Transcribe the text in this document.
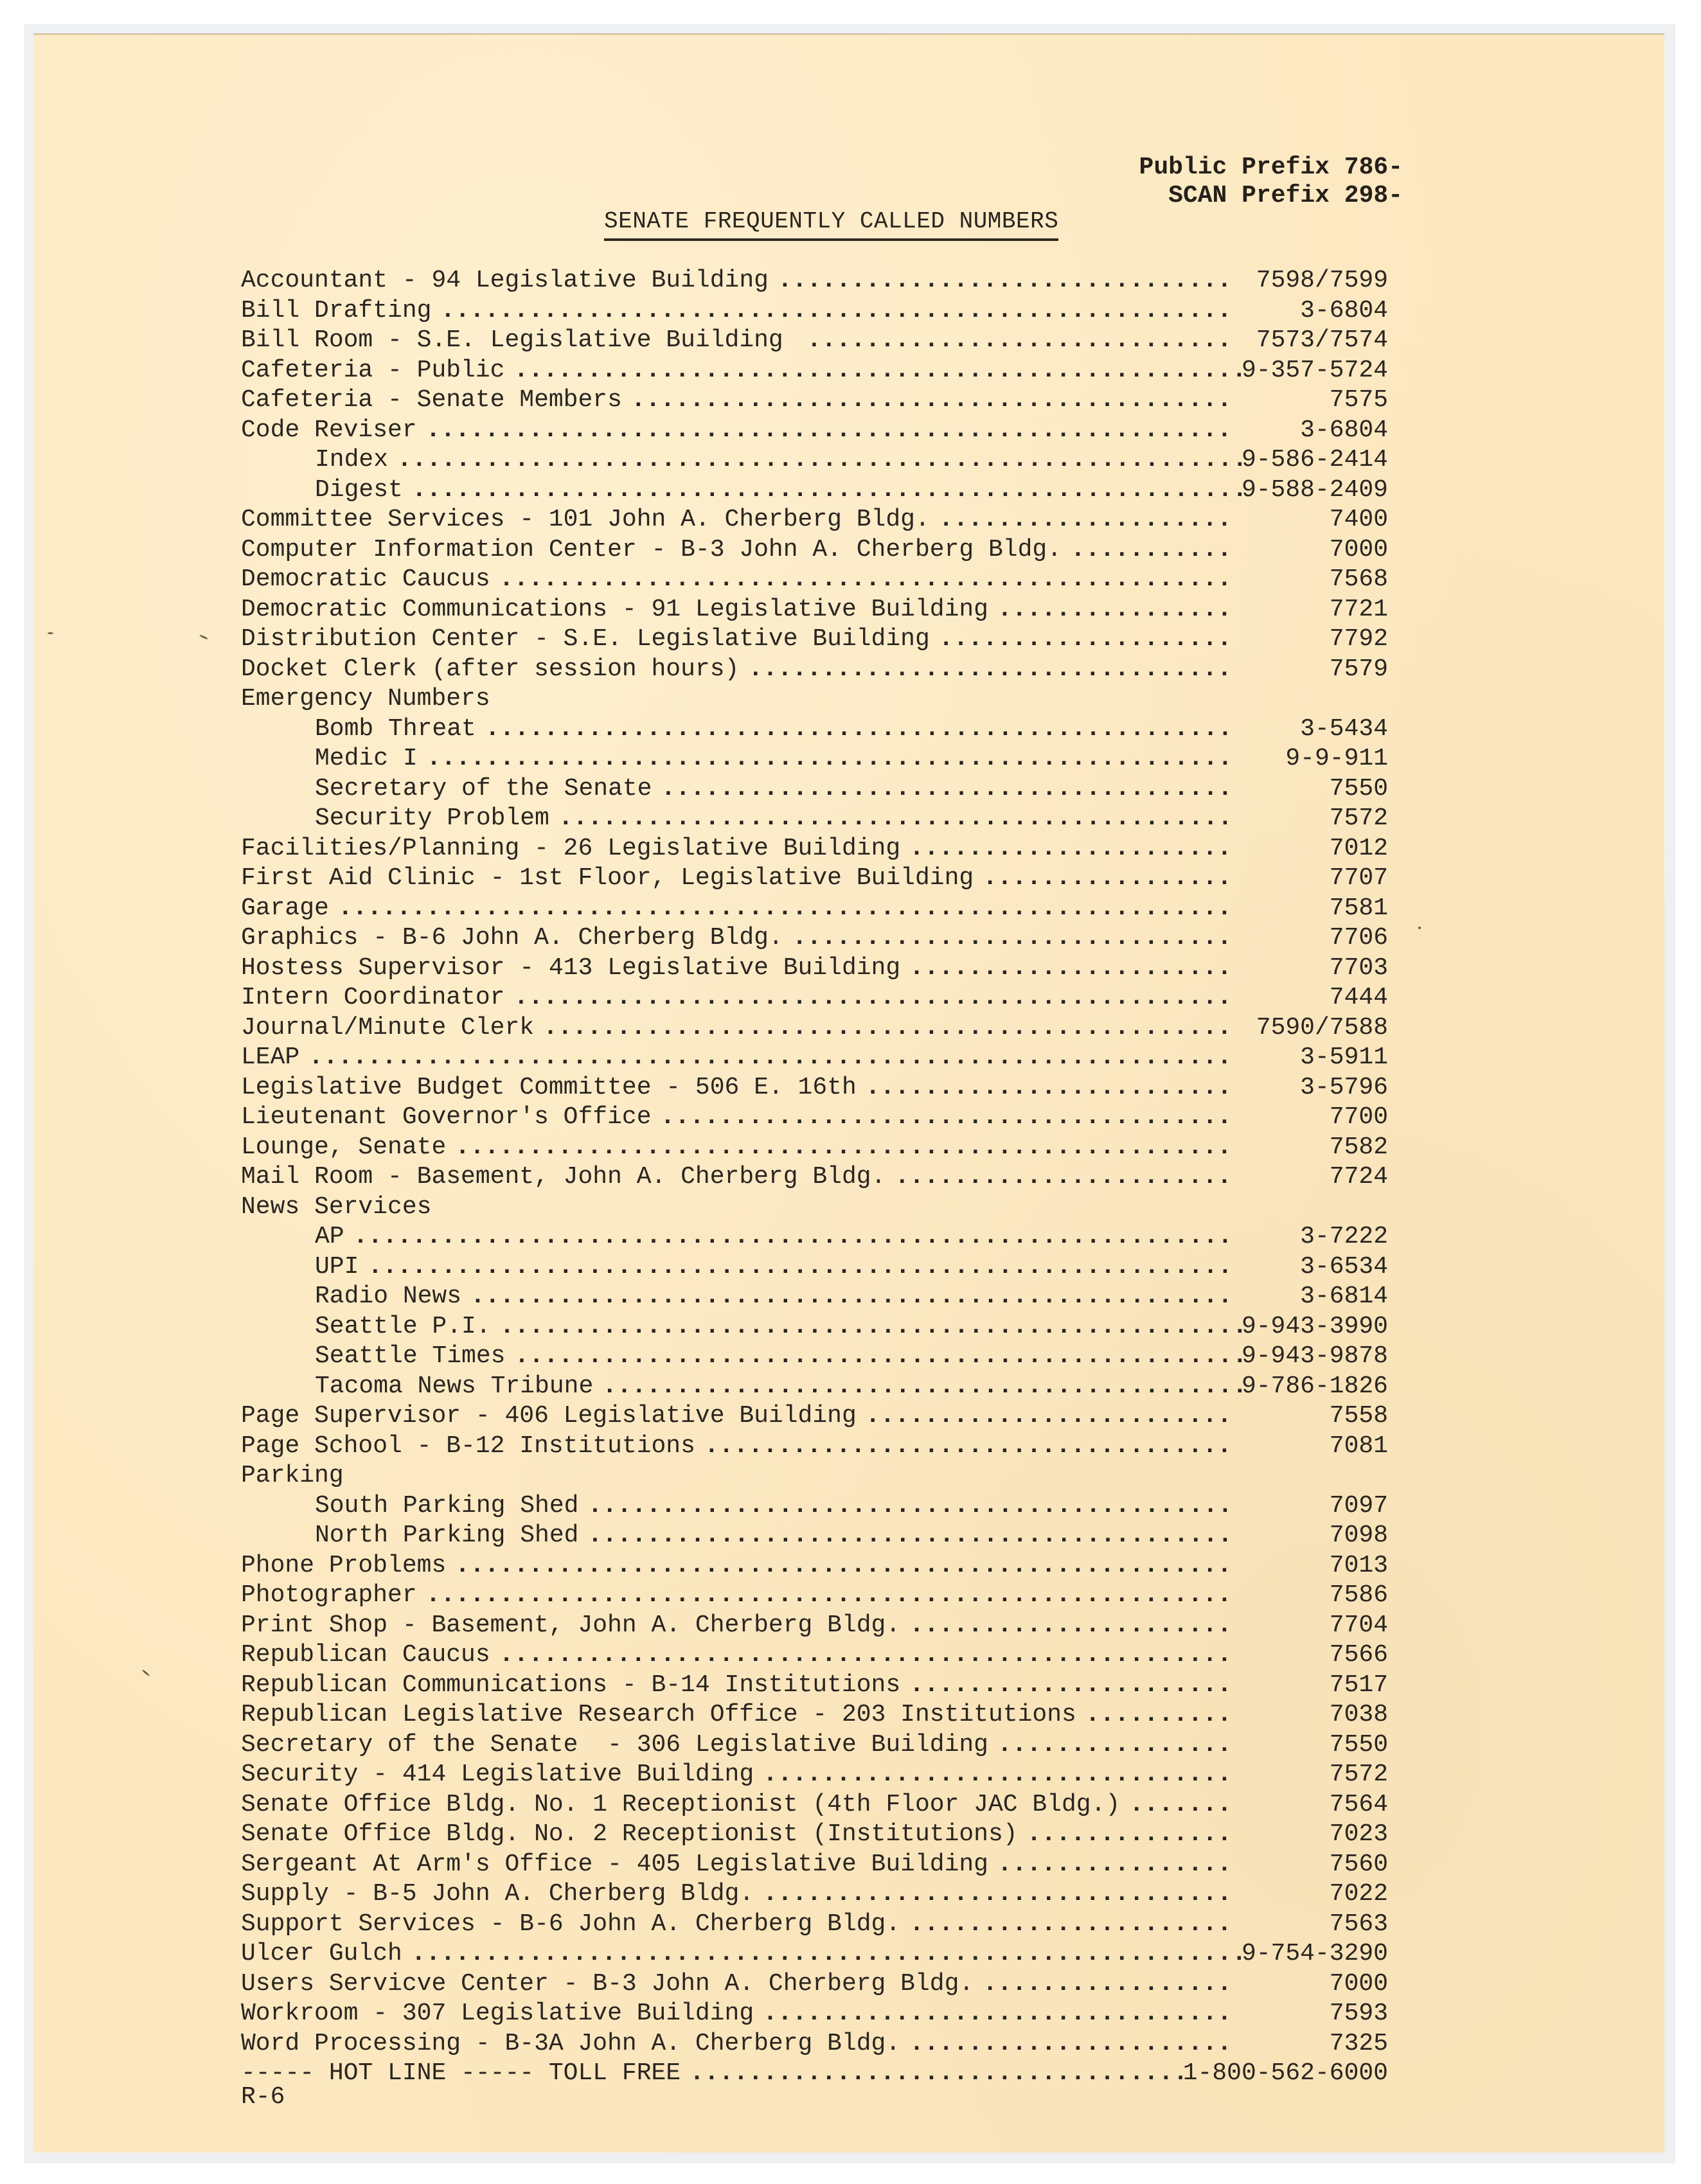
Public Prefix 786-
SCAN Prefix 298-
SENATE FREQUENTLY CALLED NUMBERS
Accountant - 94 Legislative Building .....	7598/7599
Bill Drafting .....	3-6804
Bill Room - S.E. Legislative Building .....	7573/7574
Cafeteria - Public .....	9-357-5724
Cafeteria - Senate Members .....	7575
Code Reviser .....	3-6804
Index .....	9-586-2414
Digest .....	9-588-2409
Committee Services - 101 John A. Cherberg Bldg. .....	7400
Computer Information Center - B-3 John A. Cherberg Bldg. .....	7000
Democratic Caucus .....	7568
Democratic Communications - 91 Legislative Building .....	7721
Distribution Center - S.E. Legislative Building .....	7792
Docket Clerk (after session hours) .....	7579
Emergency Numbers
Bomb Threat .....	3-5434
Medic I .....	9-9-911
Secretary of the Senate .....	7550
Security Problem .....	7572
Facilities/Planning - 26 Legislative Building .....	7012
First Aid Clinic - 1st Floor, Legislative Building .....	7707
Garage .....	7581
Graphics - B-6 John A. Cherberg Bldg. .....	7706
Hostess Supervisor - 413 Legislative Building .....	7703
Intern Coordinator .....	7444
Journal/Minute Clerk .....	7590/7588
LEAP .....	3-5911
Legislative Budget Committee - 506 E. 16th .....	3-5796
Lieutenant Governor's Office .....	7700
Lounge, Senate .....	7582
Mail Room - Basement, John A. Cherberg Bldg. .....	7724
News Services
AP .....	3-7222
UPI .....	3-6534
Radio News .....	3-6814
Seattle P.I. .....	9-943-3990
Seattle Times .....	9-943-9878
Tacoma News Tribune .....	9-786-1826
Page Supervisor - 406 Legislative Building .....	7558
Page School - B-12 Institutions .....	7081
Parking
South Parking Shed .....	7097
North Parking Shed .....	7098
Phone Problems .....	7013
Photographer .....	7586
Print Shop - Basement, John A. Cherberg Bldg. .....	7704
Republican Caucus .....	7566
Republican Communications - B-14 Institutions .....	7517
Republican Legislative Research Office - 203 Institutions .....	7038
Secretary of the Senate  - 306 Legislative Building .....	7550
Security - 414 Legislative Building .....	7572
Senate Office Bldg. No. 1 Receptionist (4th Floor JAC Bldg.) .....	7564
Senate Office Bldg. No. 2 Receptionist (Institutions) .....	7023
Sergeant At Arm's Office - 405 Legislative Building .....	7560
Supply - B-5 John A. Cherberg Bldg. .....	7022
Support Services - B-6 John A. Cherberg Bldg. .....	7563
Ulcer Gulch .....	9-754-3290
Users Servicve Center - B-3 John A. Cherberg Bldg. .....	7000
Workroom - 307 Legislative Building .....	7593
Word Processing - B-3A John A. Cherberg Bldg. .....	7325
----- HOT LINE ----- TOLL FREE .....	1-800-562-6000
R-6
